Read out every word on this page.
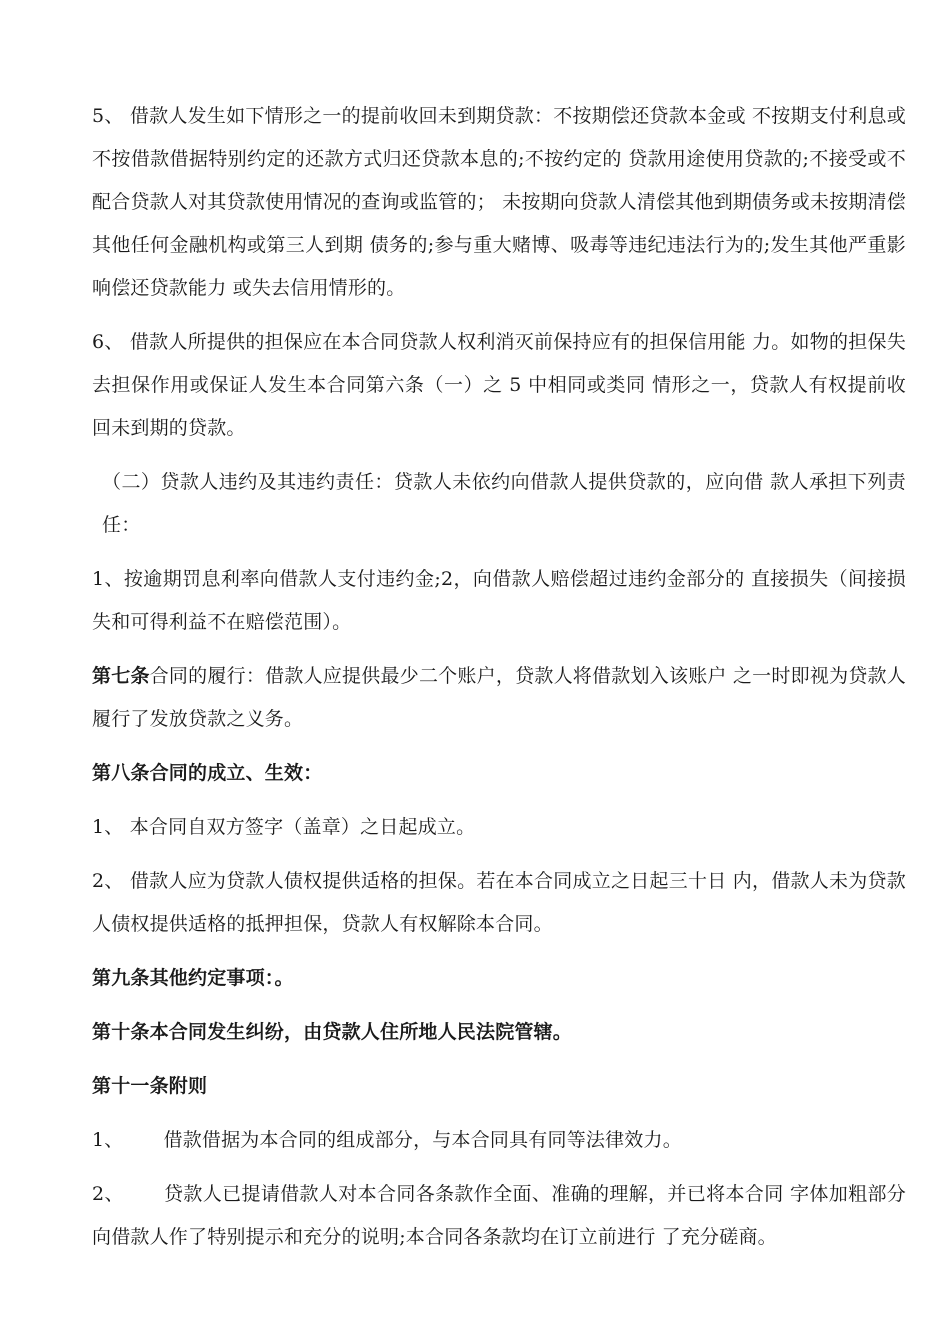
5、 借款人发生如下情形之一的提前收回未到期贷款：不按期偿还贷款本金或 不按期支付利息或不按借款借据特别约定的还款方式归还贷款本息的;不按约定的 贷款用途使用贷款的;不接受或不配合贷款人对其贷款使用情况的查询或监管的； 未按期向贷款人清偿其他到期债务或未按期清偿其他任何金融机构或第三人到期 债务的;参与重大赌博、吸毒等违纪违法行为的;发生其他严重影响偿还贷款能力 或失去信用情形的。

6、 借款人所提供的担保应在本合同贷款人权利消灭前保持应有的担保信用能 力。如物的担保失去担保作用或保证人发生本合同第六条（一）之 5 中相同或类同 情形之一，贷款人有权提前收回未到期的贷款。

（二）贷款人违约及其违约责任：贷款人未依约向借款人提供贷款的，应向借 款人承担下列责任：

1、按逾期罚息利率向借款人支付违约金;2，向借款人赔偿超过违约金部分的 直接损失（间接损失和可得利益不在赔偿范围）。

第七条合同的履行：借款人应提供最少二个账户，贷款人将借款划入该账户 之一时即视为贷款人履行了发放贷款之义务。

第八条合同的成立、生效：

1、 本合同自双方签字（盖章）之日起成立。

2、 借款人应为贷款人债权提供适格的担保。若在本合同成立之日起三十日 内，借款人未为贷款人债权提供适格的抵押担保，贷款人有权解除本合同。

第九条其他约定事项：。

第十条本合同发生纠纷，由贷款人住所地人民法院管辖。

第十一条附则

1、 借款借据为本合同的组成部分，与本合同具有同等法律效力。

2、 贷款人已提请借款人对本合同各条款作全面、准确的理解，并已将本合同 字体加粗部分向借款人作了特别提示和充分的说明;本合同各条款均在订立前进行 了充分磋商。
